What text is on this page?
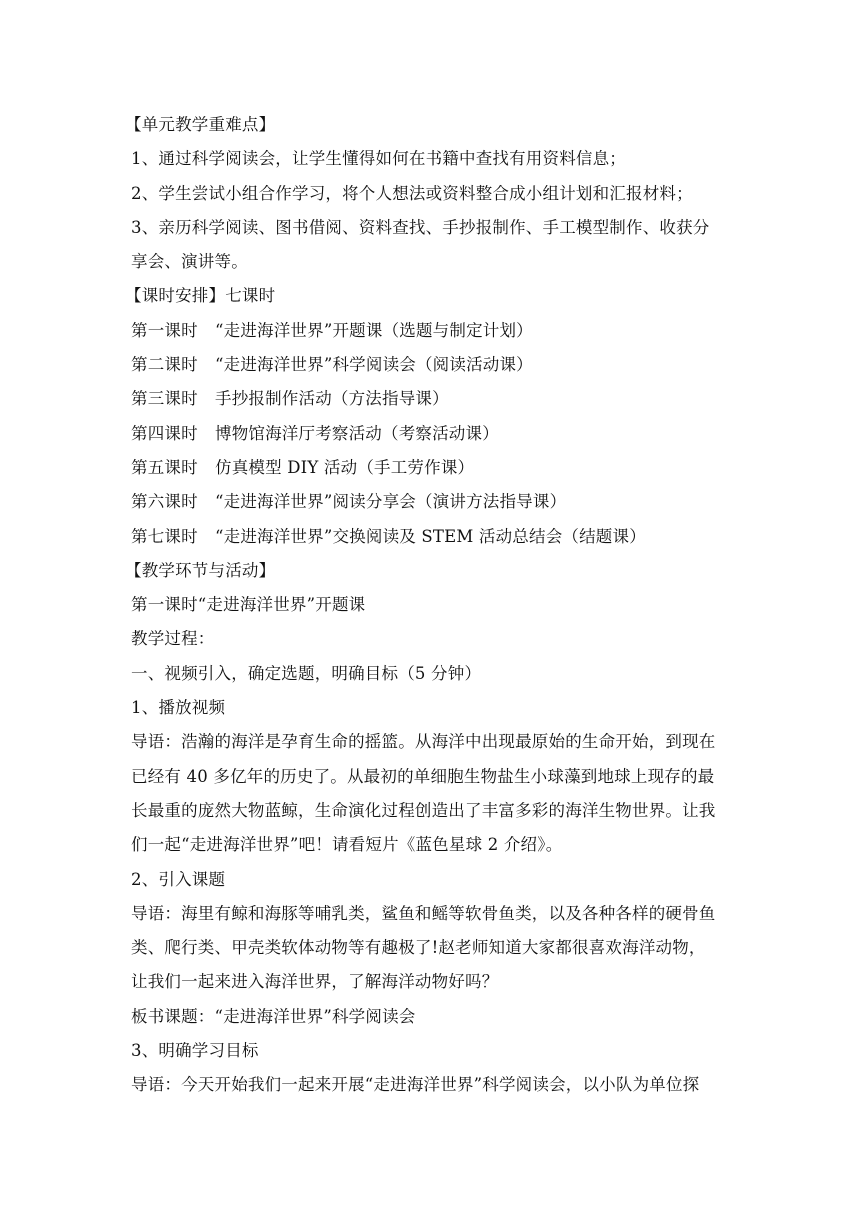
【单元教学重难点】
1、通过科学阅读会，让学生懂得如何在书籍中查找有用资料信息；
2、学生尝试小组合作学习，将个人想法或资料整合成小组计划和汇报材料；
3、亲历科学阅读、图书借阅、资料查找、手抄报制作、手工模型制作、收获分
享会、演讲等。
【课时安排】七课时
第一课时 “走进海洋世界”开题课（选题与制定计划）
第二课时 “走进海洋世界”科学阅读会（阅读活动课）
第三课时 手抄报制作活动（方法指导课）
第四课时 博物馆海洋厅考察活动（考察活动课）
第五课时 仿真模型 DIY 活动（手工劳作课）
第六课时 “走进海洋世界”阅读分享会（演讲方法指导课）
第七课时 “走进海洋世界”交换阅读及 STEM 活动总结会（结题课）
【教学环节与活动】
第一课时“走进海洋世界”开题课
教学过程：
一、视频引入，确定选题，明确目标（5 分钟）
1、播放视频
导语：浩瀚的海洋是孕育生命的摇篮。从海洋中出现最原始的生命开始，到现在
已经有 40 多亿年的历史了。从最初的单细胞生物盐生小球藻到地球上现存的最
长最重的庞然大物蓝鲸，生命演化过程创造出了丰富多彩的海洋生物世界。让我
们一起“走进海洋世界”吧！请看短片《蓝色星球 2 介绍》。
2、引入课题
导语：海里有鲸和海豚等哺乳类，鲨鱼和鳐等软骨鱼类，以及各种各样的硬骨鱼
类、爬行类、甲壳类软体动物等有趣极了!赵老师知道大家都很喜欢海洋动物，
让我们一起来进入海洋世界，了解海洋动物好吗？
板书课题：“走进海洋世界”科学阅读会
3、明确学习目标
导语：今天开始我们一起来开展“走进海洋世界”科学阅读会，以小队为单位探
